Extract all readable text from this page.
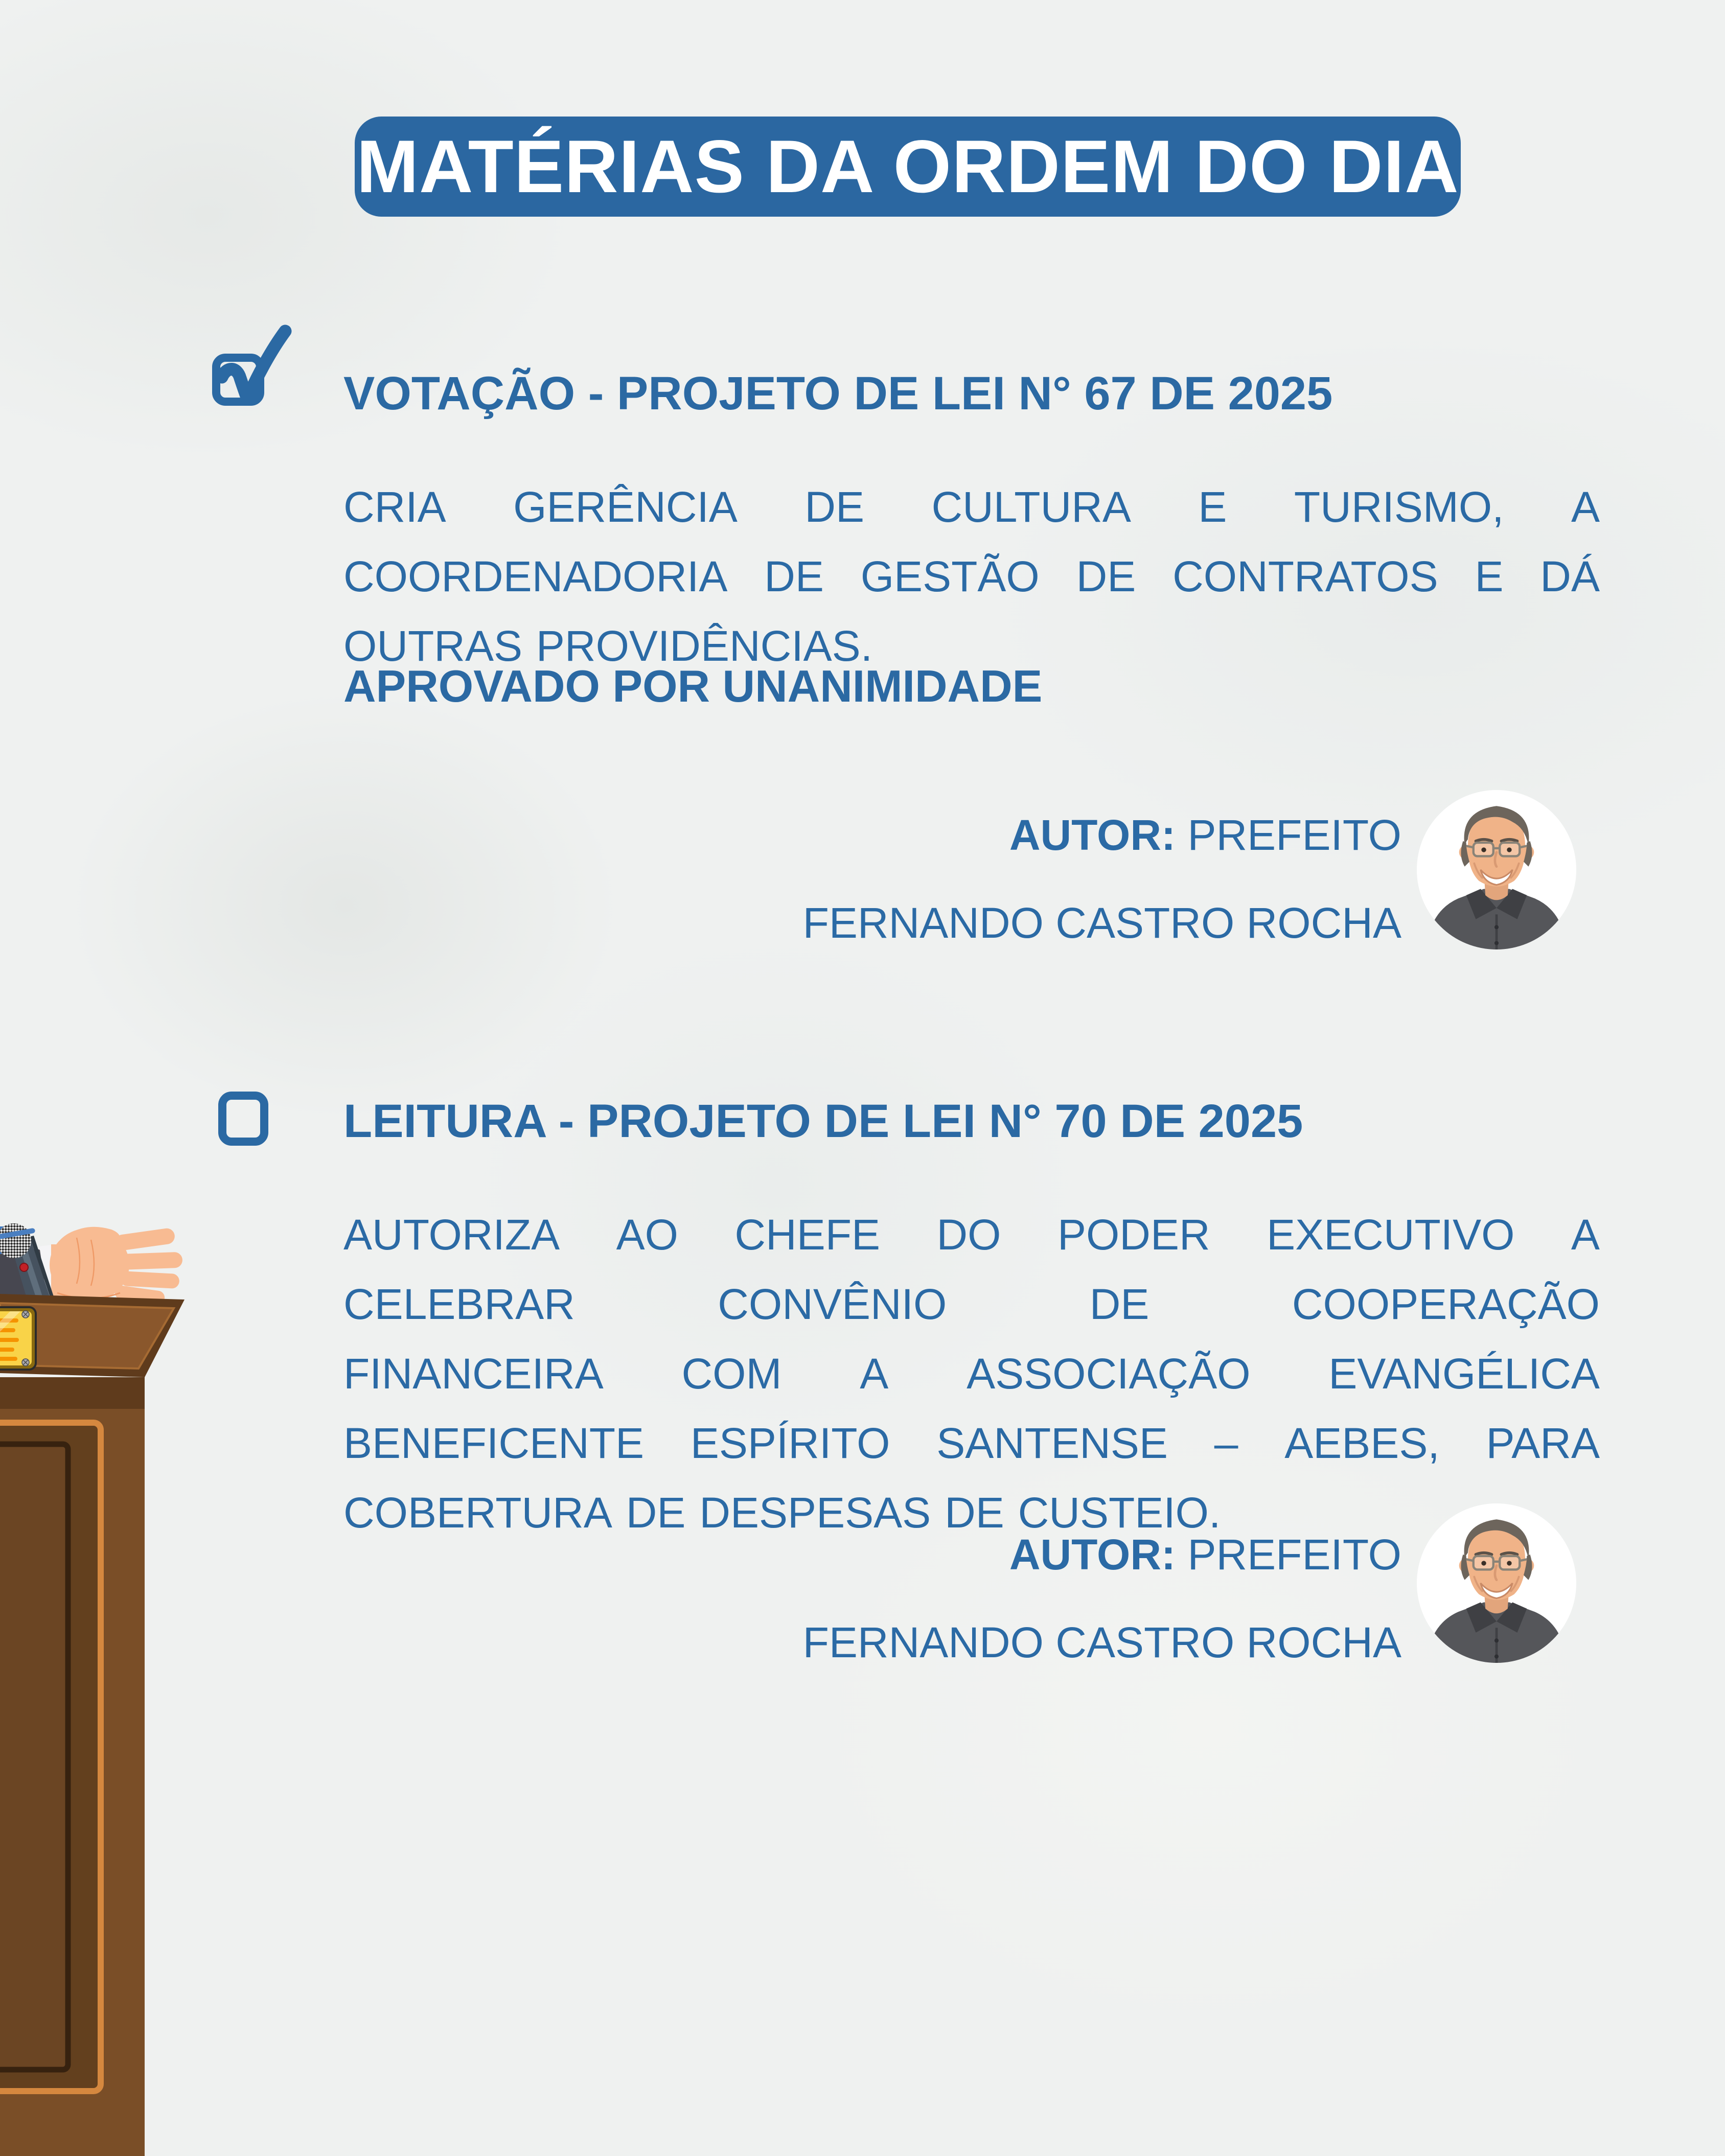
MATÉRIAS DA ORDEM DO DIA
VOTAÇÃO - PROJETO DE LEI N° 67 DE 2025
CRIA GERÊNCIA DE CULTURA E TURISMO, A
COORDENADORIA DE GESTÃO DE CONTRATOS E DÁ
OUTRAS PROVIDÊNCIAS.
APROVADO POR UNANIMIDADE
AUTOR: PREFEITO
FERNANDO CASTRO ROCHA
LEITURA - PROJETO DE LEI N° 70 DE 2025
AUTORIZA AO CHEFE DO PODER EXECUTIVO A
CELEBRAR	CONVÊNIO	DE	COOPERAÇÃO
FINANCEIRA COM A ASSOCIAÇÃO EVANGÉLICA
BENEFICENTE ESPÍRITO SANTENSE – AEBES, PARA
COBERTURA DE DESPESAS DE CUSTEIO.
AUTOR: PREFEITO
FERNANDO CASTRO ROCHA
